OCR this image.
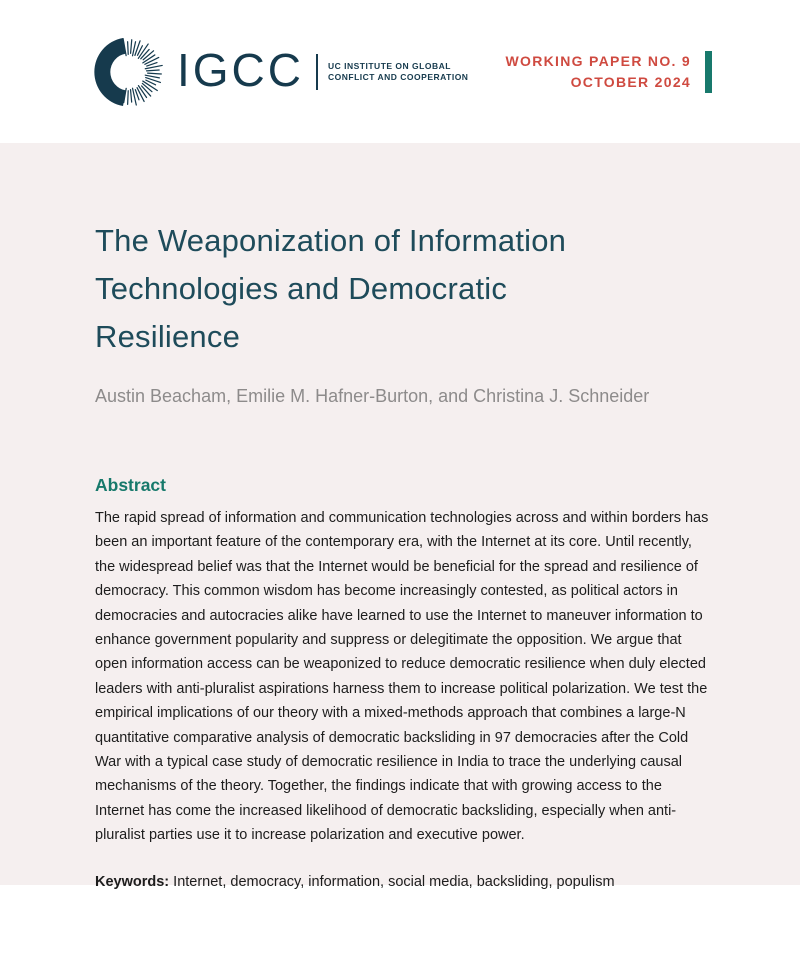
IGCC	UC INSTITUTE ON GLOBAL
CONFLICT AND COOPERATION
WORKING PAPER NO. 9
OCTOBER 2024
The Weaponization of Information Technologies and Democratic Resilience
Austin Beacham, Emilie M. Hafner-Burton, and Christina J. Schneider
Abstract
The rapid spread of information and communication technologies across and within borders has been an important feature of the contemporary era, with the Internet at its core. Until recently, the widespread belief was that the Internet would be beneficial for the spread and resilience of democracy. This common wisdom has become increasingly contested, as political actors in democracies and autocracies alike have learned to use the Internet to maneuver information to enhance government popularity and suppress or delegitimate the opposition. We argue that open information access can be weaponized to reduce democratic resilience when duly elected leaders with anti-pluralist aspirations harness them to increase political polarization. We test the empirical implications of our theory with a mixed-methods approach that combines a large-N quantitative comparative analysis of democratic backsliding in 97 democracies after the Cold War with a typical case study of democratic resilience in India to trace the underlying causal mechanisms of the theory. Together, the findings indicate that with growing access to the Internet has come the increased likelihood of democratic backsliding, especially when anti-pluralist parties use it to increase polarization and executive power.
Keywords: Internet, democracy, information, social media, backsliding, populism
